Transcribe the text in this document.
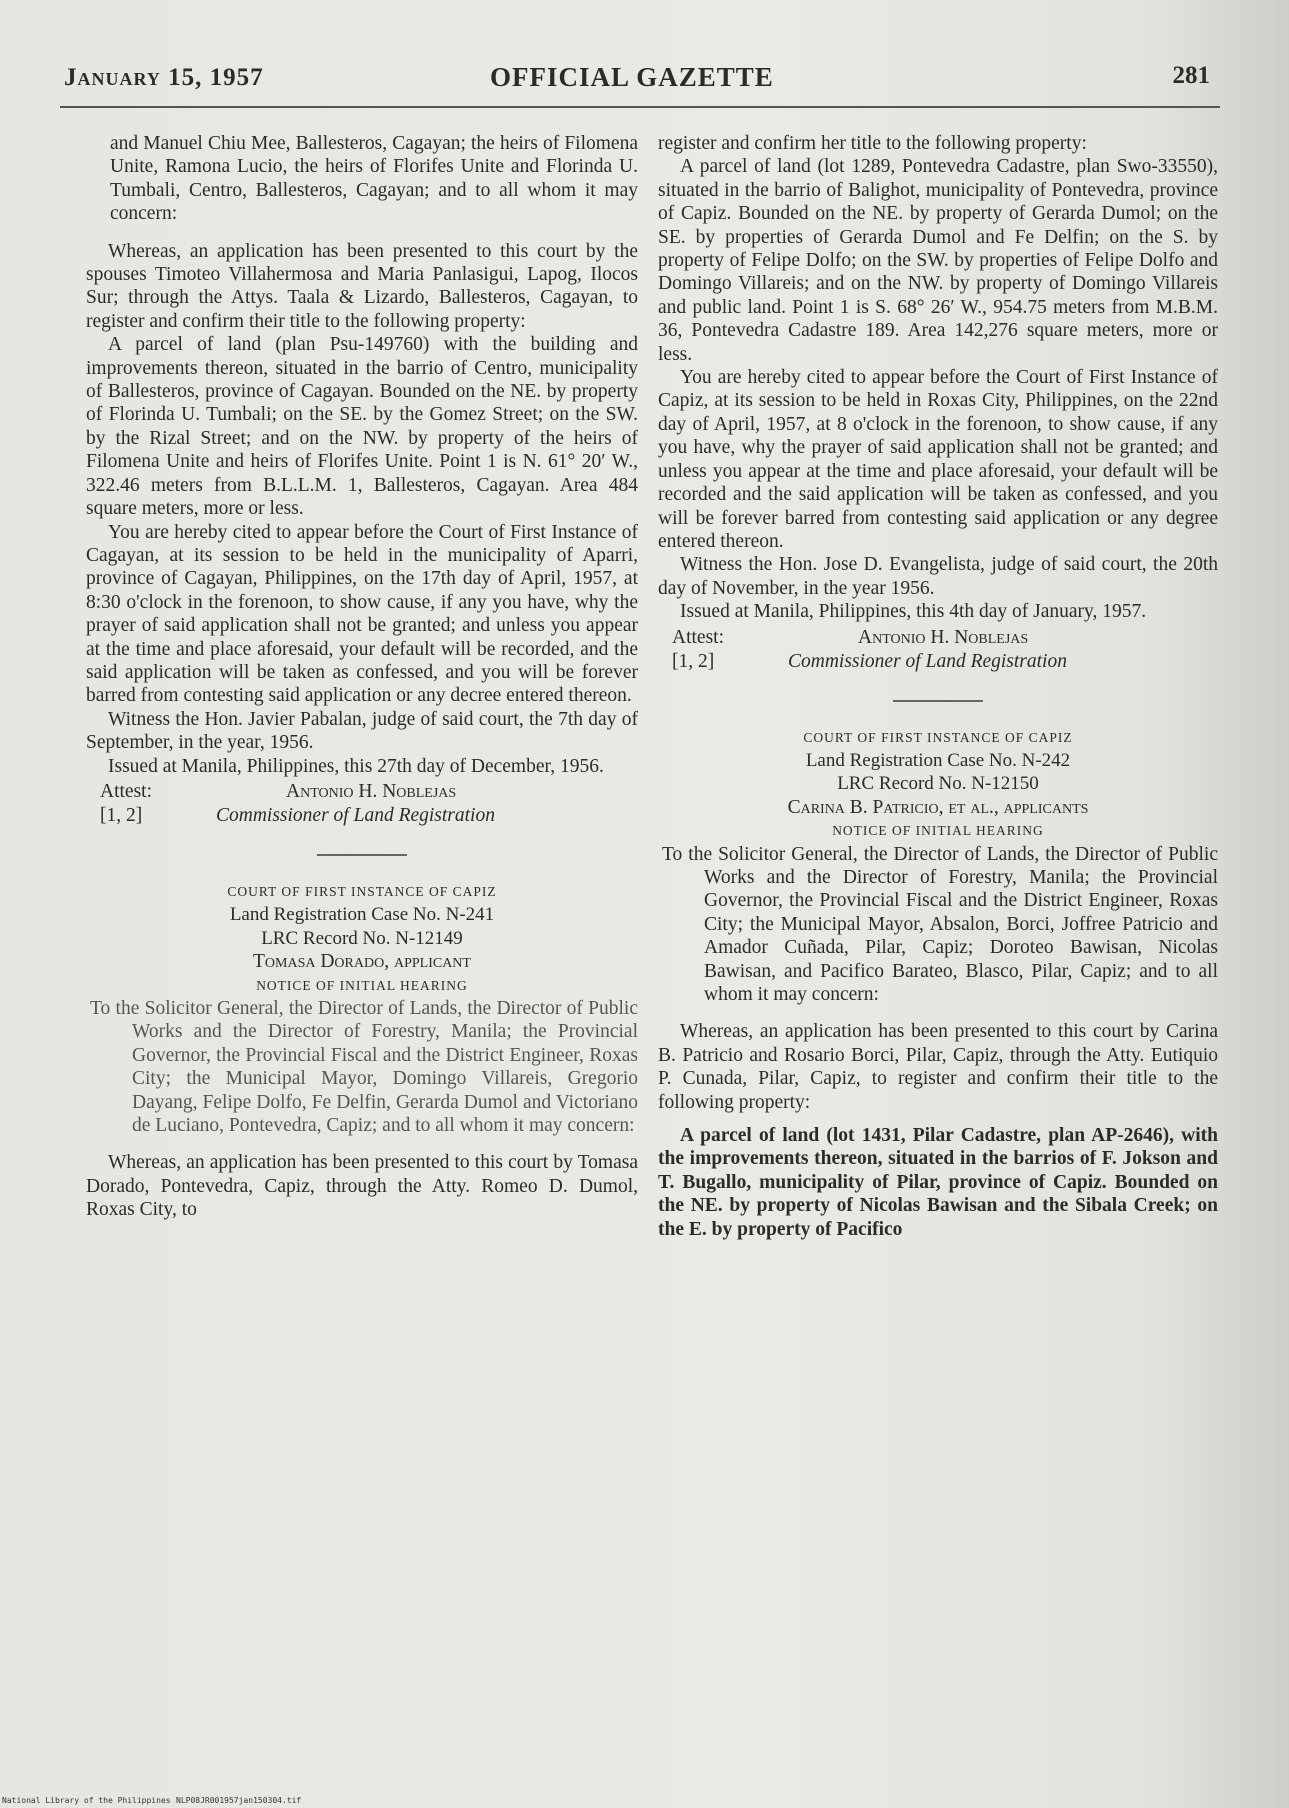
January 15, 1957	OFFICIAL GAZETTE	281

and Manuel Chiu Mee, Ballesteros, Cagayan; the heirs of Filomena Unite, Ramona Lucio, the heirs of Florifes Unite and Florinda U. Tumbali, Centro, Ballesteros, Cagayan; and to all whom it may concern:

Whereas, an application has been presented to this court by the spouses Timoteo Villahermosa and Maria Panlasigui, Lapog, Ilocos Sur; through the Attys. Taala & Lizardo, Ballesteros, Cagayan, to register and confirm their title to the following property:

A parcel of land (plan Psu-149760) with the building and improvements thereon, situated in the barrio of Centro, municipality of Ballesteros, province of Cagayan. Bounded on the NE. by property of Florinda U. Tumbali; on the SE. by the Gomez Street; on the SW. by the Rizal Street; and on the NW. by property of the heirs of Filomena Unite and heirs of Florifes Unite. Point 1 is N. 61° 20′ W., 322.46 meters from B.L.L.M. 1, Ballesteros, Cagayan. Area 484 square meters, more or less.

You are hereby cited to appear before the Court of First Instance of Cagayan, at its session to be held in the municipality of Aparri, province of Cagayan, Philippines, on the 17th day of April, 1957, at 8:30 o'clock in the forenoon, to show cause, if any you have, why the prayer of said application shall not be granted; and unless you appear at the time and place aforesaid, your default will be recorded, and the said application will be taken as confessed, and you will be forever barred from contesting said application or any decree entered thereon.

Witness the Hon. Javier Pabalan, judge of said court, the 7th day of September, in the year, 1956.

Issued at Manila, Philippines, this 27th day of December, 1956.

Attest:
[1, 2]
Antonio H. Noblejas
Commissioner of Land Registration

COURT OF FIRST INSTANCE OF CAPIZ

Land Registration Case No. N-241

LRC Record No. N-12149

Tomasa Dorado, applicant

NOTICE OF INITIAL HEARING

To the Solicitor General, the Director of Lands, the Director of Public Works and the Director of Forestry, Manila; the Provincial Governor, the Provincial Fiscal and the District Engineer, Roxas City; the Municipal Mayor, Domingo Villareis, Gregorio Dayang, Felipe Dolfo, Fe Delfin, Gerarda Dumol and Victoriano de Luciano, Pontevedra, Capiz; and to all whom it may concern:

Whereas, an application has been presented to this court by Tomasa Dorado, Pontevedra, Capiz, through the Atty. Romeo D. Dumol, Roxas City, to

register and confirm her title to the following property:

A parcel of land (lot 1289, Pontevedra Cadastre, plan Swo-33550), situated in the barrio of Balighot, municipality of Pontevedra, province of Capiz. Bounded on the NE. by property of Gerarda Dumol; on the SE. by properties of Gerarda Dumol and Fe Delfin; on the S. by property of Felipe Dolfo; on the SW. by properties of Felipe Dolfo and Domingo Villareis; and on the NW. by property of Domingo Villareis and public land. Point 1 is S. 68° 26′ W., 954.75 meters from M.B.M. 36, Pontevedra Cadastre 189. Area 142,276 square meters, more or less.

You are hereby cited to appear before the Court of First Instance of Capiz, at its session to be held in Roxas City, Philippines, on the 22nd day of April, 1957, at 8 o'clock in the forenoon, to show cause, if any you have, why the prayer of said application shall not be granted; and unless you appear at the time and place aforesaid, your default will be recorded and the said application will be taken as confessed, and you will be forever barred from contesting said application or any degree entered thereon.

Witness the Hon. Jose D. Evangelista, judge of said court, the 20th day of November, in the year 1956.

Issued at Manila, Philippines, this 4th day of January, 1957.

Attest:
[1, 2]
Antonio H. Noblejas
Commissioner of Land Registration

COURT OF FIRST INSTANCE OF CAPIZ

Land Registration Case No. N-242

LRC Record No. N-12150

Carina B. Patricio, et al., applicants

NOTICE OF INITIAL HEARING

To the Solicitor General, the Director of Lands, the Director of Public Works and the Director of Forestry, Manila; the Provincial Governor, the Provincial Fiscal and the District Engineer, Roxas City; the Municipal Mayor, Absalon, Borci, Joffree Patricio and Amador Cuñada, Pilar, Capiz; Doroteo Bawisan, Nicolas Bawisan, and Pacifico Barateo, Blasco, Pilar, Capiz; and to all whom it may concern:

Whereas, an application has been presented to this court by Carina B. Patricio and Rosario Borci, Pilar, Capiz, through the Atty. Eutiquio P. Cunada, Pilar, Capiz, to register and confirm their title to the following property:

A parcel of land (lot 1431, Pilar Cadastre, plan AP-2646), with the improvements thereon, situated in the barrios of F. Jokson and T. Bugallo, municipality of Pilar, province of Capiz. Bounded on the NE. by property of Nicolas Bawisan and the Sibala Creek; on the E. by property of Pacifico

National Library of the Philippines NLP08JR001957jan150304.tif
